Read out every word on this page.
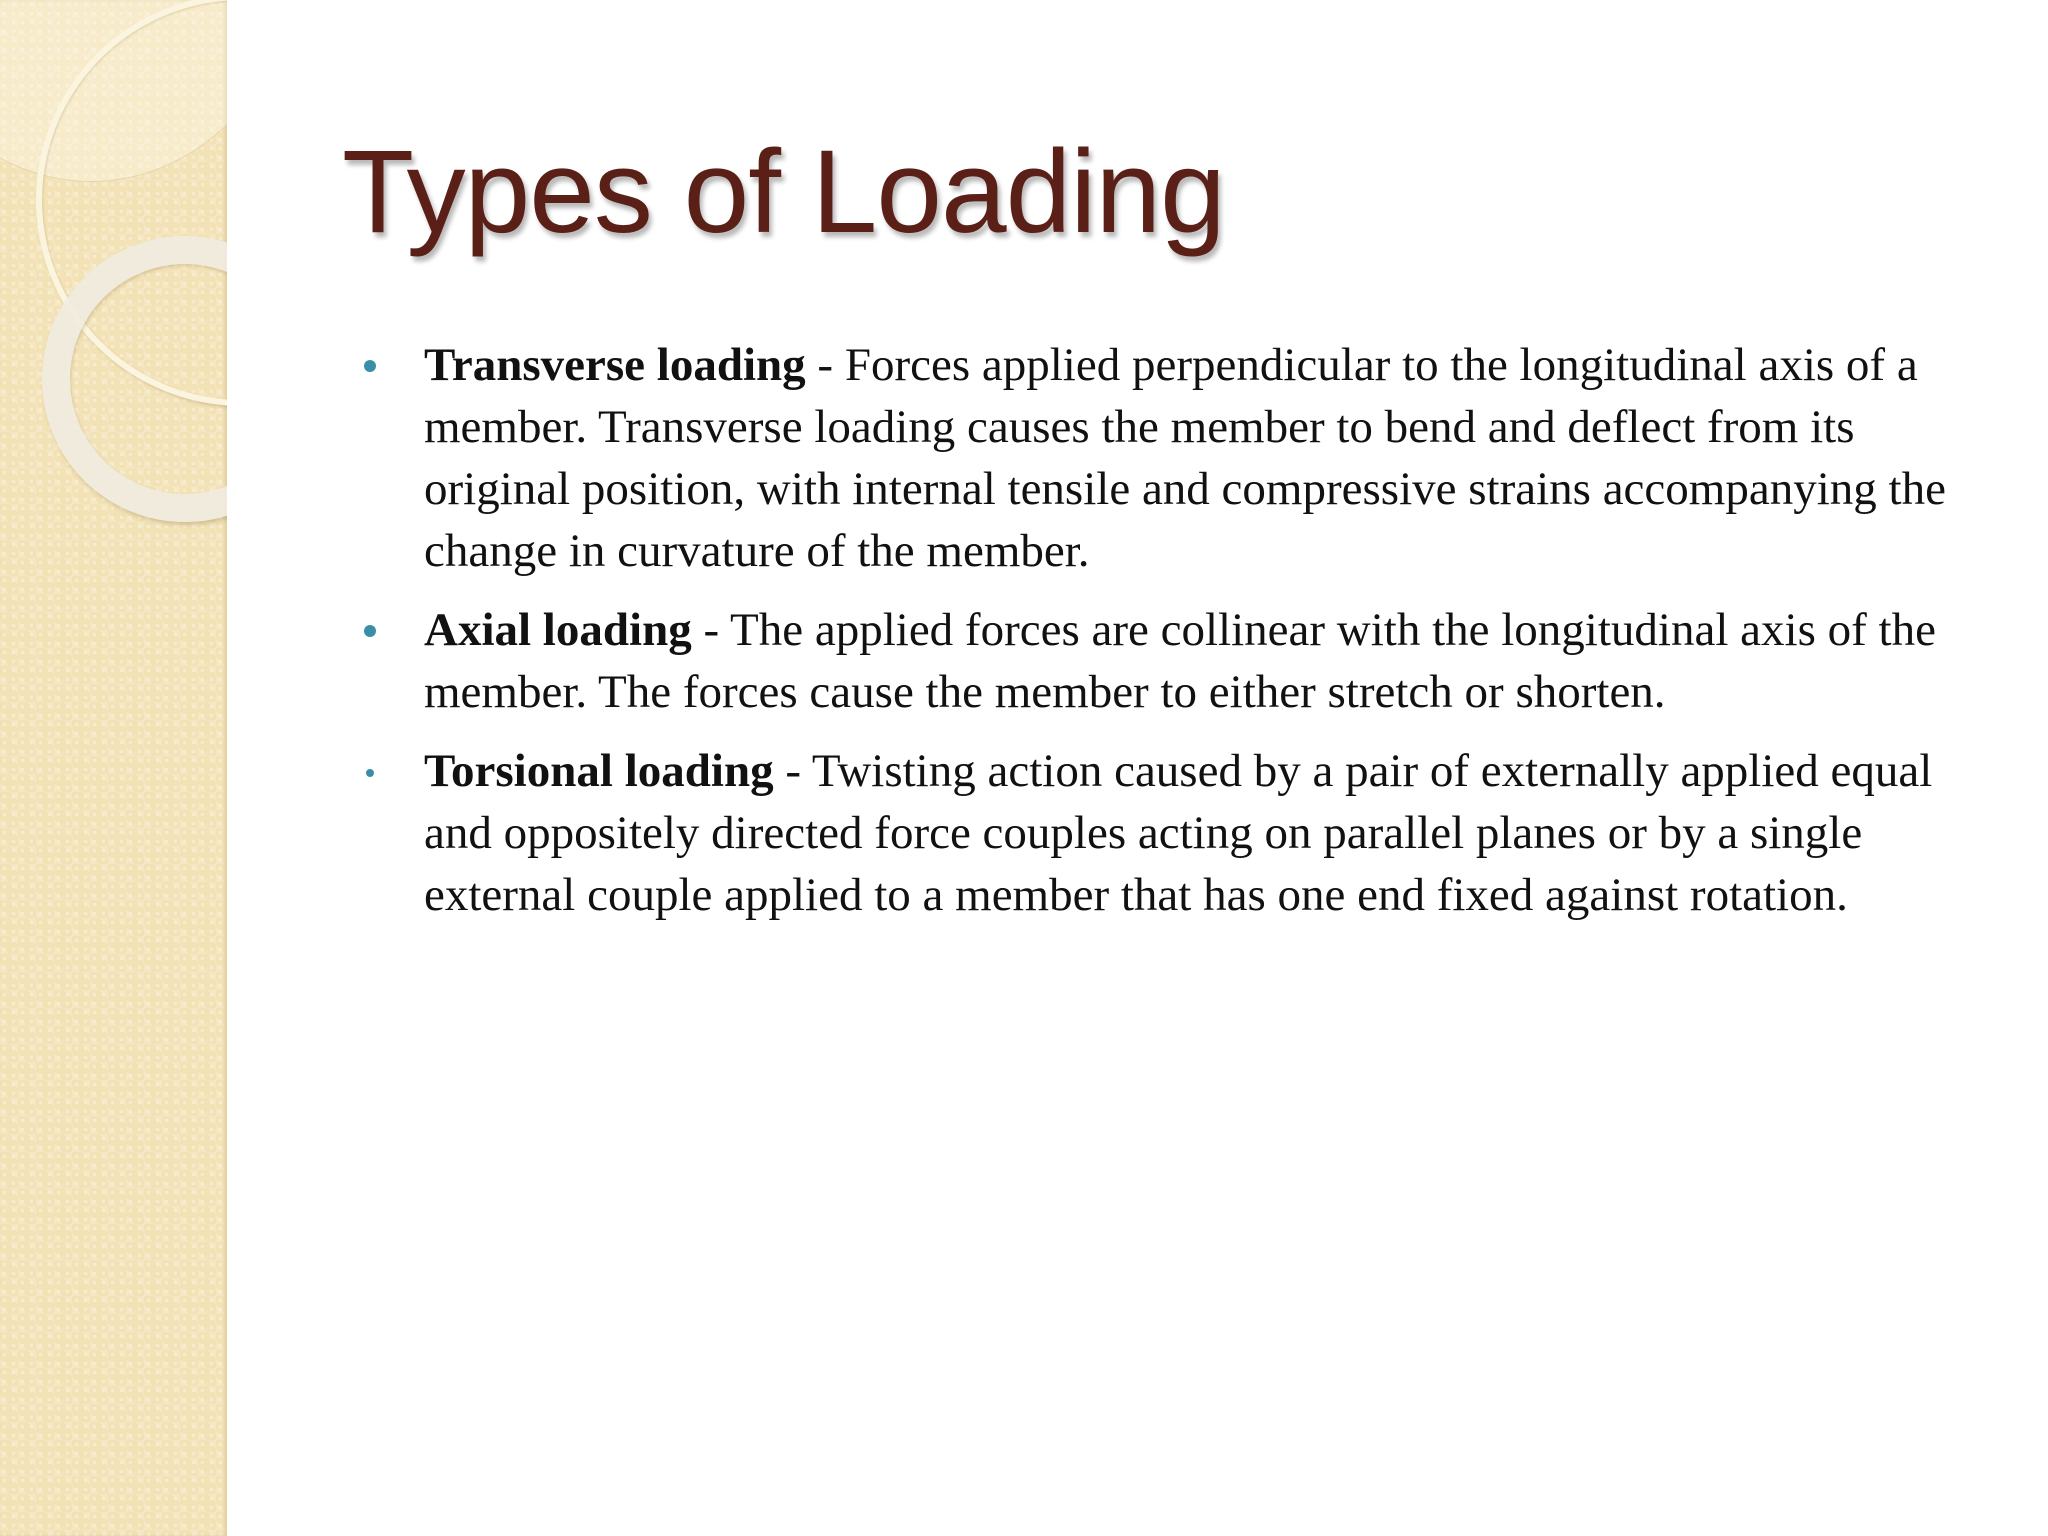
Types of Loading
Transverse loading - Forces applied perpendicular to the longitudinal axis of a member. Transverse loading causes the member to bend and deflect from its original position, with internal tensile and compressive strains accompanying the change in curvature of the member.
Axial loading - The applied forces are collinear with the longitudinal axis of the member. The forces cause the member to either stretch or shorten.
Torsional loading - Twisting action caused by a pair of externally applied equal and oppositely directed force couples acting on parallel planes or by a single external couple applied to a member that has one end fixed against rotation.
